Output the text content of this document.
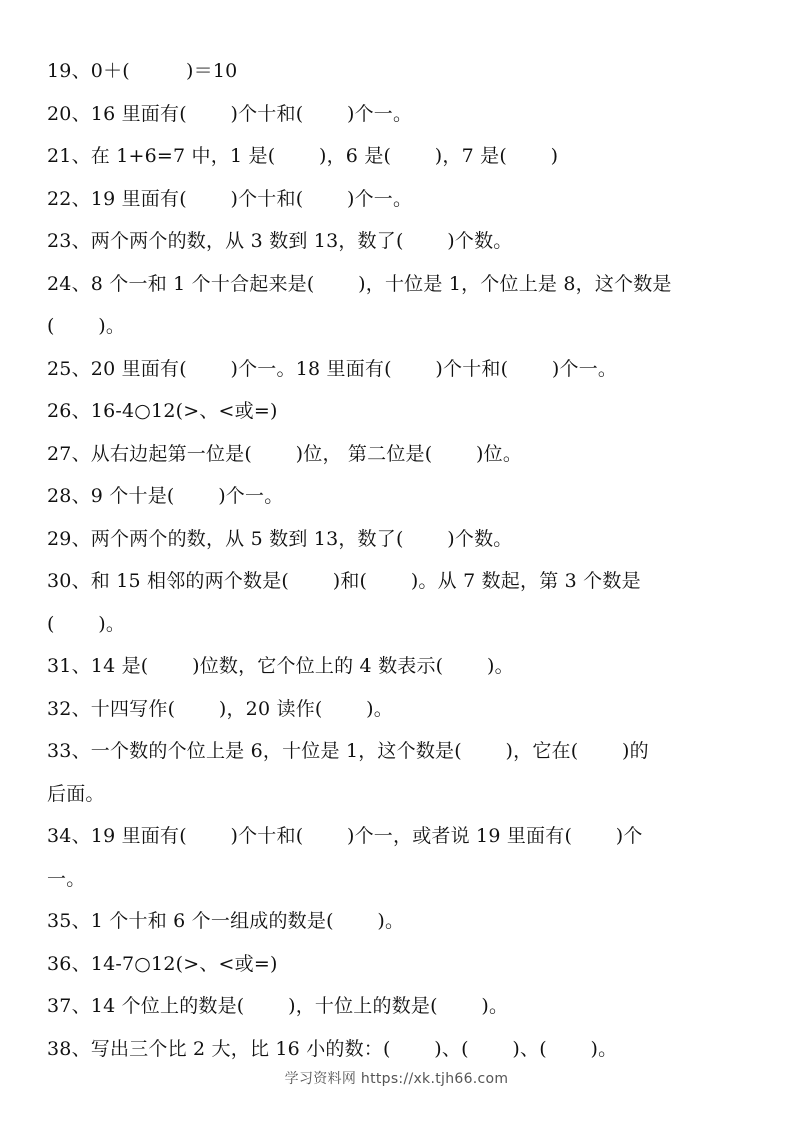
19、0＋(         )＝10
20、16 里面有(       )个十和(       )个一。
21、在 1+6=7 中，1 是(       )，6 是(       )，7 是(       )
22、19 里面有(       )个十和(       )个一。
23、两个两个的数，从 3 数到 13，数了(       )个数。
24、8 个一和 1 个十合起来是(       )，十位是 1，个位上是 8，这个数是
(       )。
25、20 里面有(       )个一。18 里面有(       )个十和(       )个一。
26、16-4○12(>、<或=)
27、从右边起第一位是(       )位， 第二位是(       )位。
28、9 个十是(       )个一。
29、两个两个的数，从 5 数到 13，数了(       )个数。
30、和 15 相邻的两个数是(       )和(       )。从 7 数起，第 3 个数是
(       )。
31、14 是(       )位数，它个位上的 4 数表示(       )。
32、十四写作(       )，20 读作(       )。
33、一个数的个位上是 6，十位是 1，这个数是(       )，它在(       )的
后面。
34、19 里面有(       )个十和(       )个一，或者说 19 里面有(       )个
一。
35、1 个十和 6 个一组成的数是(       )。
36、14-7○12(>、<或=)
37、14 个位上的数是(       )，十位上的数是(       )。
38、写出三个比 2 大，比 16 小的数：(       )、(       )、(       )。
学习资料网 https://xk.tjh66.com
